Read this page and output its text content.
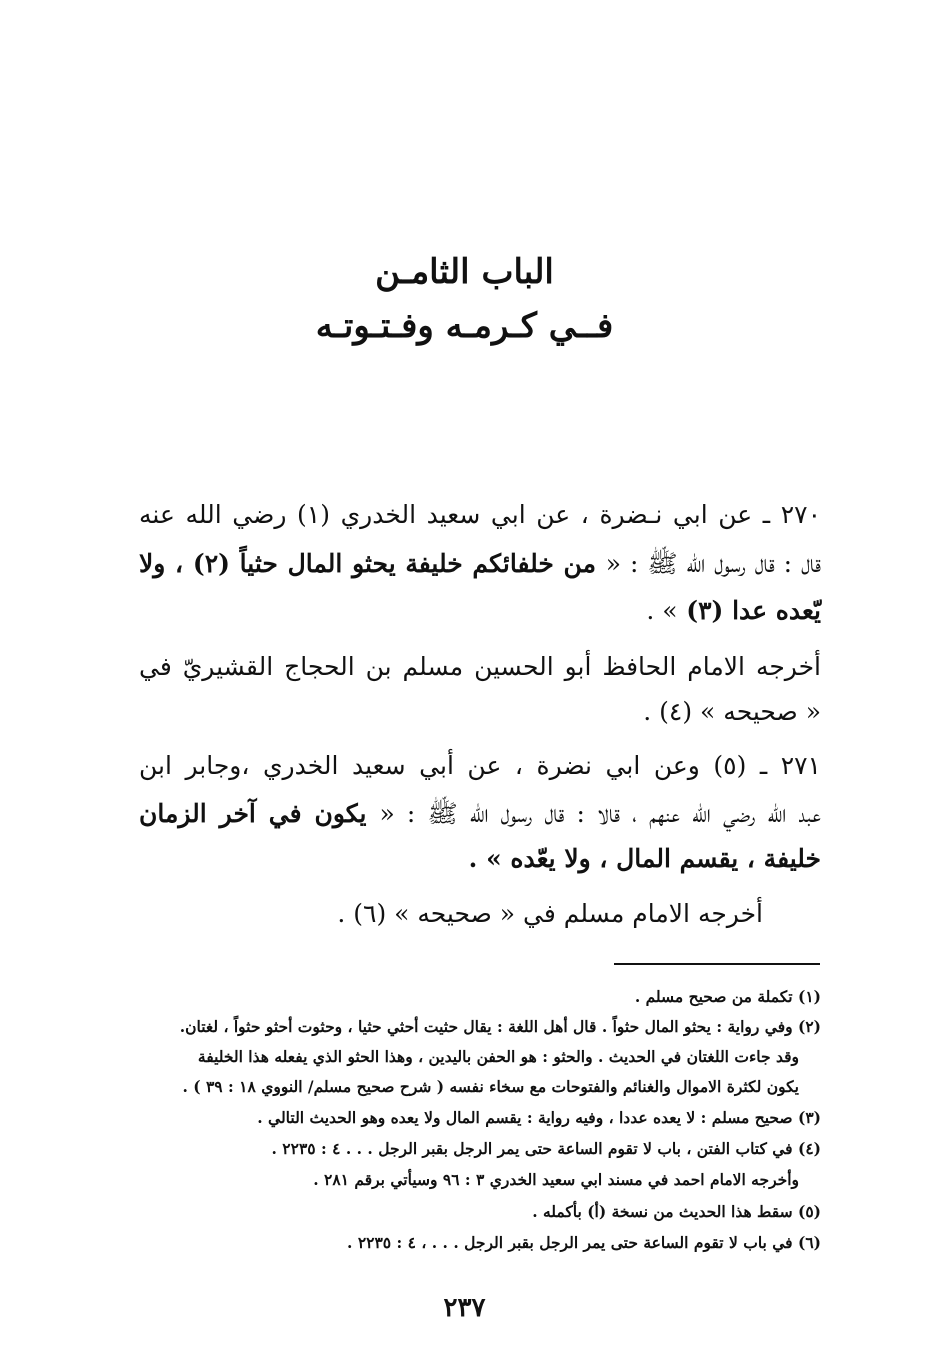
الباب الثامـن
فــي كـرمـه وفـتـوتـه
٢٧٠ ـ عن ابي نـضرة ، عن ابي سعيد الخدري (١) رضي الله عنه
قال : قال رسول الله ﷺ : « من خلفائكم خليفة يحثو المال حثياً (٢) ، ولا
يّعده عدا (٣) » .
أخرجه الامام الحافظ أبو الحسين مسلم بن الحجاج القشيريّ في
« صحيحه » (٤) .
٢٧١ ـ (٥) وعن ابي نضرة ، عن أبي سعيد الخدري ،وجابر ابن
عبد الله رضي الله عنهم ، قالا : قال رسول الله ﷺ : « يكون في آخر الزمان
خليفة ، يقسم المال ، ولا يعّده » .
أخرجه الامام مسلم في « صحيحه » (٦) .
(١) تكملة من صحيح مسلم .
(٢) وفي رواية : يحثو المال حثواً . قال أهل اللغة : يقال حثيت أحثي حثيا ، وحثوت أحثو حثواً ، لغتان.
وقد جاءت اللغتان في الحديث . والحثو : هو الحفن باليدين ، وهذا الحثو الذي يفعله هذا الخليفة
يكون لكثرة الاموال والغنائم والفتوحات مع سخاء نفسه ( شرح صحيح مسلم/ النووي ١٨ : ٣٩ ) .
(٣) صحيح مسلم : لا يعده عددا ، وفيه رواية : يقسم المال ولا يعده وهو الحديث التالي .
(٤) في كتاب الفتن ، باب لا تقوم الساعة حتى يمر الرجل بقبر الرجل . . . ٤ : ٢٢٣٥ .
وأخرجه الامام احمد في مسند ابي سعيد الخدري ٣ : ٩٦ وسيأتي برقم ٢٨١ .
(٥) سقط هذا الحديث من نسخة (أ) بأكمله .
(٦) في باب لا تقوم الساعة حتى يمر الرجل بقبر الرجل . . . ، ٤ : ٢٢٣٥ .
٢٣٧
